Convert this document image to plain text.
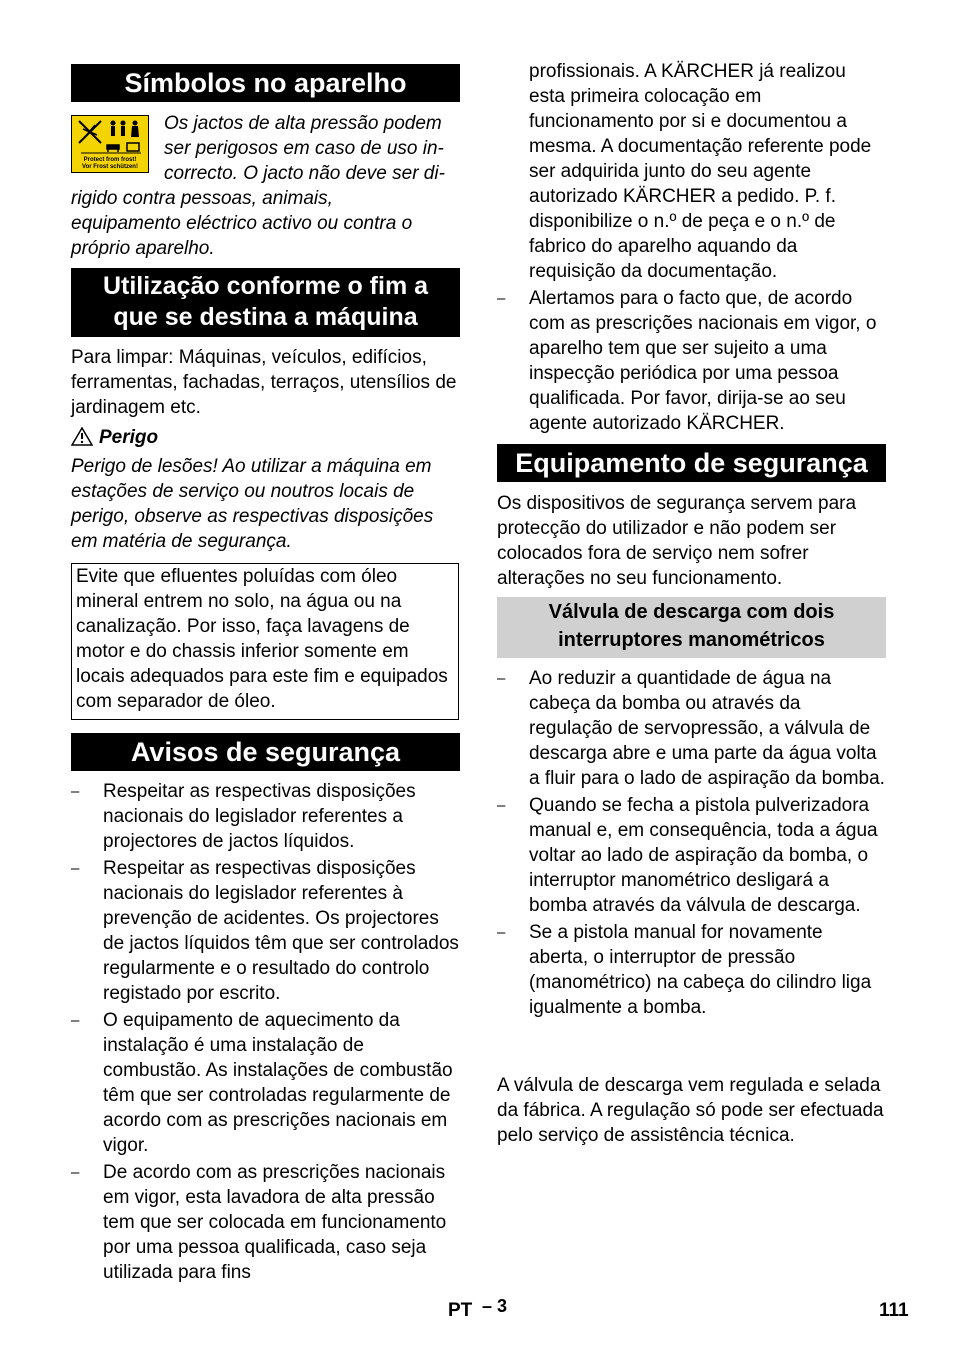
Símbolos no aparelho
Protect from frost!
Vor Frost schützen!
Os jactos de alta pressão podem
ser perigosos em caso de uso in-
correcto. O jacto não deve ser di-
rigido contra pessoas, animais,
equipamento eléctrico activo ou contra o
próprio aparelho.
Utilização conforme o fim a
que se destina a máquina

Para limpar: Máquinas, veículos, edifícios, ferramentas, fachadas, terraços, utensílios de jardinagem etc.

Perigo

Perigo de lesões! Ao utilizar a máquina em estações de serviço ou noutros locais de perigo, observe as respectivas disposições em matéria de segurança.

Evite que efluentes poluídas com óleo mineral entrem no solo, na água ou na canalização. Por isso, faça lavagens de motor e do chassis inferior somente em locais adequados para este fim e equipados com separador de óleo.
Avisos de segurança
– Respeitar as respectivas disposições nacionais do legislador referentes a projectores de jactos líquidos.
– Respeitar as respectivas disposições nacionais do legislador referentes à prevenção de acidentes. Os projectores de jactos líquidos têm que ser controlados regularmente e o resultado do controlo registado por escrito.
– O equipamento de aquecimento da instalação é uma instalação de combustão. As instalações de combustão têm que ser controladas regularmente de acordo com as prescrições nacionais em vigor.
– De acordo com as prescrições nacionais em vigor, esta lavadora de alta pressão tem que ser colocada em funcionamento por uma pessoa qualificada, caso seja utilizada para fins

profissionais. A KÄRCHER já realizou esta primeira colocação em funcionamento por si e documentou a mesma. A documentação referente pode ser adquirida junto do seu agente autorizado KÄRCHER a pedido. P. f. disponibilize o n.º de peça e o n.º de fabrico do aparelho aquando da requisição da documentação.

– Alertamos para o facto que, de acordo com as prescrições nacionais em vigor, o aparelho tem que ser sujeito a uma inspecção periódica por uma pessoa qualificada. Por favor, dirija-se ao seu agente autorizado KÄRCHER.
Equipamento de segurança

Os dispositivos de segurança servem para protecção do utilizador e não podem ser colocados fora de serviço nem sofrer alterações no seu funcionamento.

Válvula de descarga com dois
interruptores manométricos
– Ao reduzir a quantidade de água na cabeça da bomba ou através da regulação de servopressão, a válvula de descarga abre e uma parte da água volta a fluir para o lado de aspiração da bomba.
– Quando se fecha a pistola pulverizadora manual e, em consequência, toda a água voltar ao lado de aspiração da bomba, o interruptor manométrico desligará a bomba através da válvula de descarga.
– Se a pistola manual for novamente aberta, o interruptor de pressão (manométrico) na cabeça do cilindro liga igualmente a bomba.

A válvula de descarga vem regulada e selada da fábrica. A regulação só pode ser efectuada pelo serviço de assistência técnica.

PT – 3	111
